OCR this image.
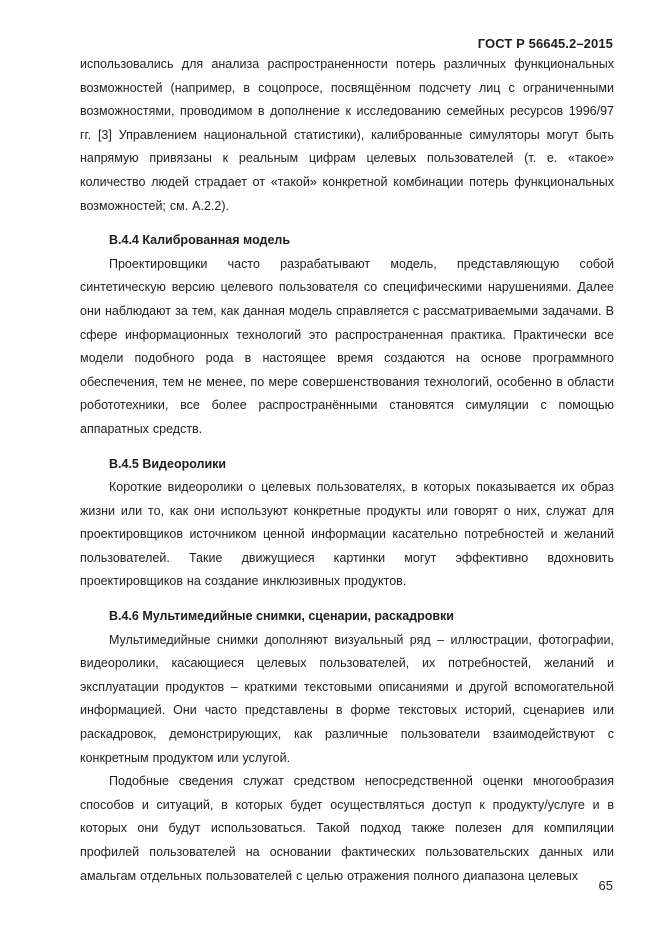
ГОСТ Р 56645.2–2015

использовались для анализа распространенности потерь различных функциональных возможностей (например, в соцопросе, посвящённом подсчету лиц с ограниченными возможностями, проводимом в дополнение к исследованию семейных ресурсов 1996/97 гг. [3] Управлением национальной статистики), калиброванные симуляторы могут быть напрямую привязаны к реальным цифрам целевых пользователей (т. е. «такое» количество людей страдает от «такой» конкретной комбинации потерь функциональных возможностей; см. А.2.2).

В.4.4 Калиброванная модель

Проектировщики часто разрабатывают модель, представляющую собой синтетическую версию целевого пользователя со специфическими нарушениями. Далее они наблюдают за тем, как данная модель справляется с рассматриваемыми задачами. В сфере информационных технологий это распространенная практика. Практически все модели подобного рода в настоящее время создаются на основе программного обеспечения, тем не менее, по мере совершенствования технологий, особенно в области робототехники, все более распространёнными становятся симуляции с помощью аппаратных средств.

В.4.5 Видеоролики

Короткие видеоролики о целевых пользователях, в которых показывается их образ жизни или то, как они используют конкретные продукты или говорят о них, служат для проектировщиков источником ценной информации касательно потребностей и желаний пользователей. Такие движущиеся картинки могут эффективно вдохновить проектировщиков на создание инклюзивных продуктов.

В.4.6 Мультимедийные снимки, сценарии, раскадровки

Мультимедийные снимки дополняют визуальный ряд – иллюстрации, фотографии, видеоролики, касающиеся целевых пользователей, их потребностей, желаний и эксплуатации продуктов – краткими текстовыми описаниями и другой вспомогательной информацией. Они часто представлены в форме текстовых историй, сценариев или раскадровок, демонстрирующих, как различные пользователи взаимодействуют с конкретным продуктом или услугой.

Подобные сведения служат средством непосредственной оценки многообразия способов и ситуаций, в которых будет осуществляться доступ к продукту/услуге и в которых они будут использоваться. Такой подход также полезен для компиляции профилей пользователей на основании фактических пользовательских данных или амальгам отдельных пользователей с целью отражения полного диапазона целевых

65
